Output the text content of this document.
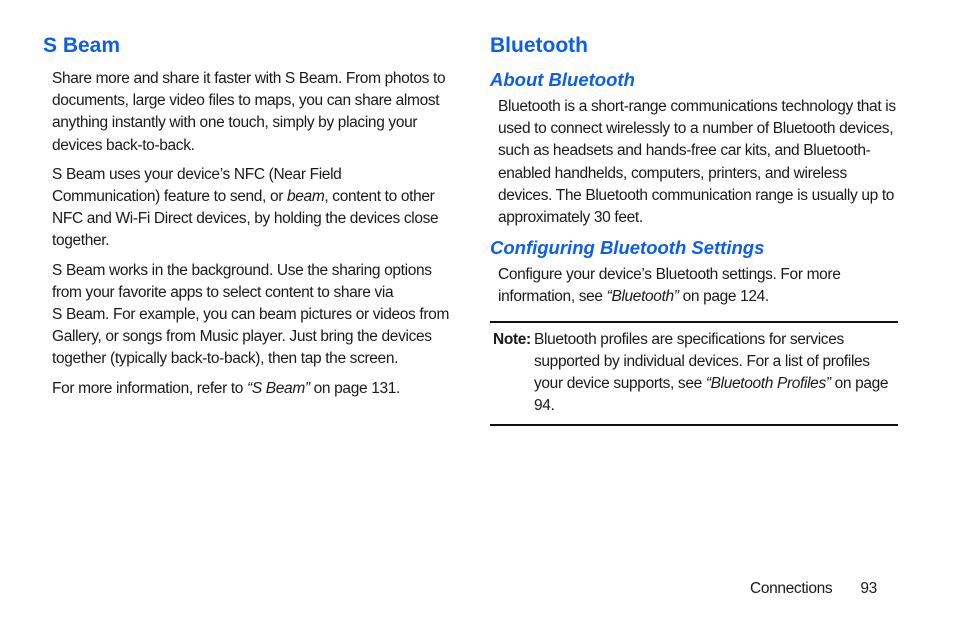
S Beam

Share more and share it faster with S Beam. From photos to documents, large video files to maps, you can share almost anything instantly with one touch, simply by placing your devices back-to-back.

S Beam uses your device’s NFC (Near Field Communication) feature to send, or beam, content to other NFC and Wi-Fi Direct devices, by holding the devices close together.

S Beam works in the background. Use the sharing options from your favorite apps to select content to share via S Beam. For example, you can beam pictures or videos from Gallery, or songs from Music player. Just bring the devices together (typically back-to-back), then tap the screen.

For more information, refer to “S Beam” on page 131.

Bluetooth
About Bluetooth

Bluetooth is a short-range communications technology that is used to connect wirelessly to a number of Bluetooth devices, such as headsets and hands-free car kits, and Bluetooth-enabled handhelds, computers, printers, and wireless devices. The Bluetooth communication range is usually up to approximately 30 feet.

Configuring Bluetooth Settings

Configure your device’s Bluetooth settings. For more information, see “Bluetooth” on page 124.

Note: Bluetooth profiles are specifications for services supported by individual devices. For a list of profiles your device supports, see “Bluetooth Profiles” on page 94.

Connections 93
